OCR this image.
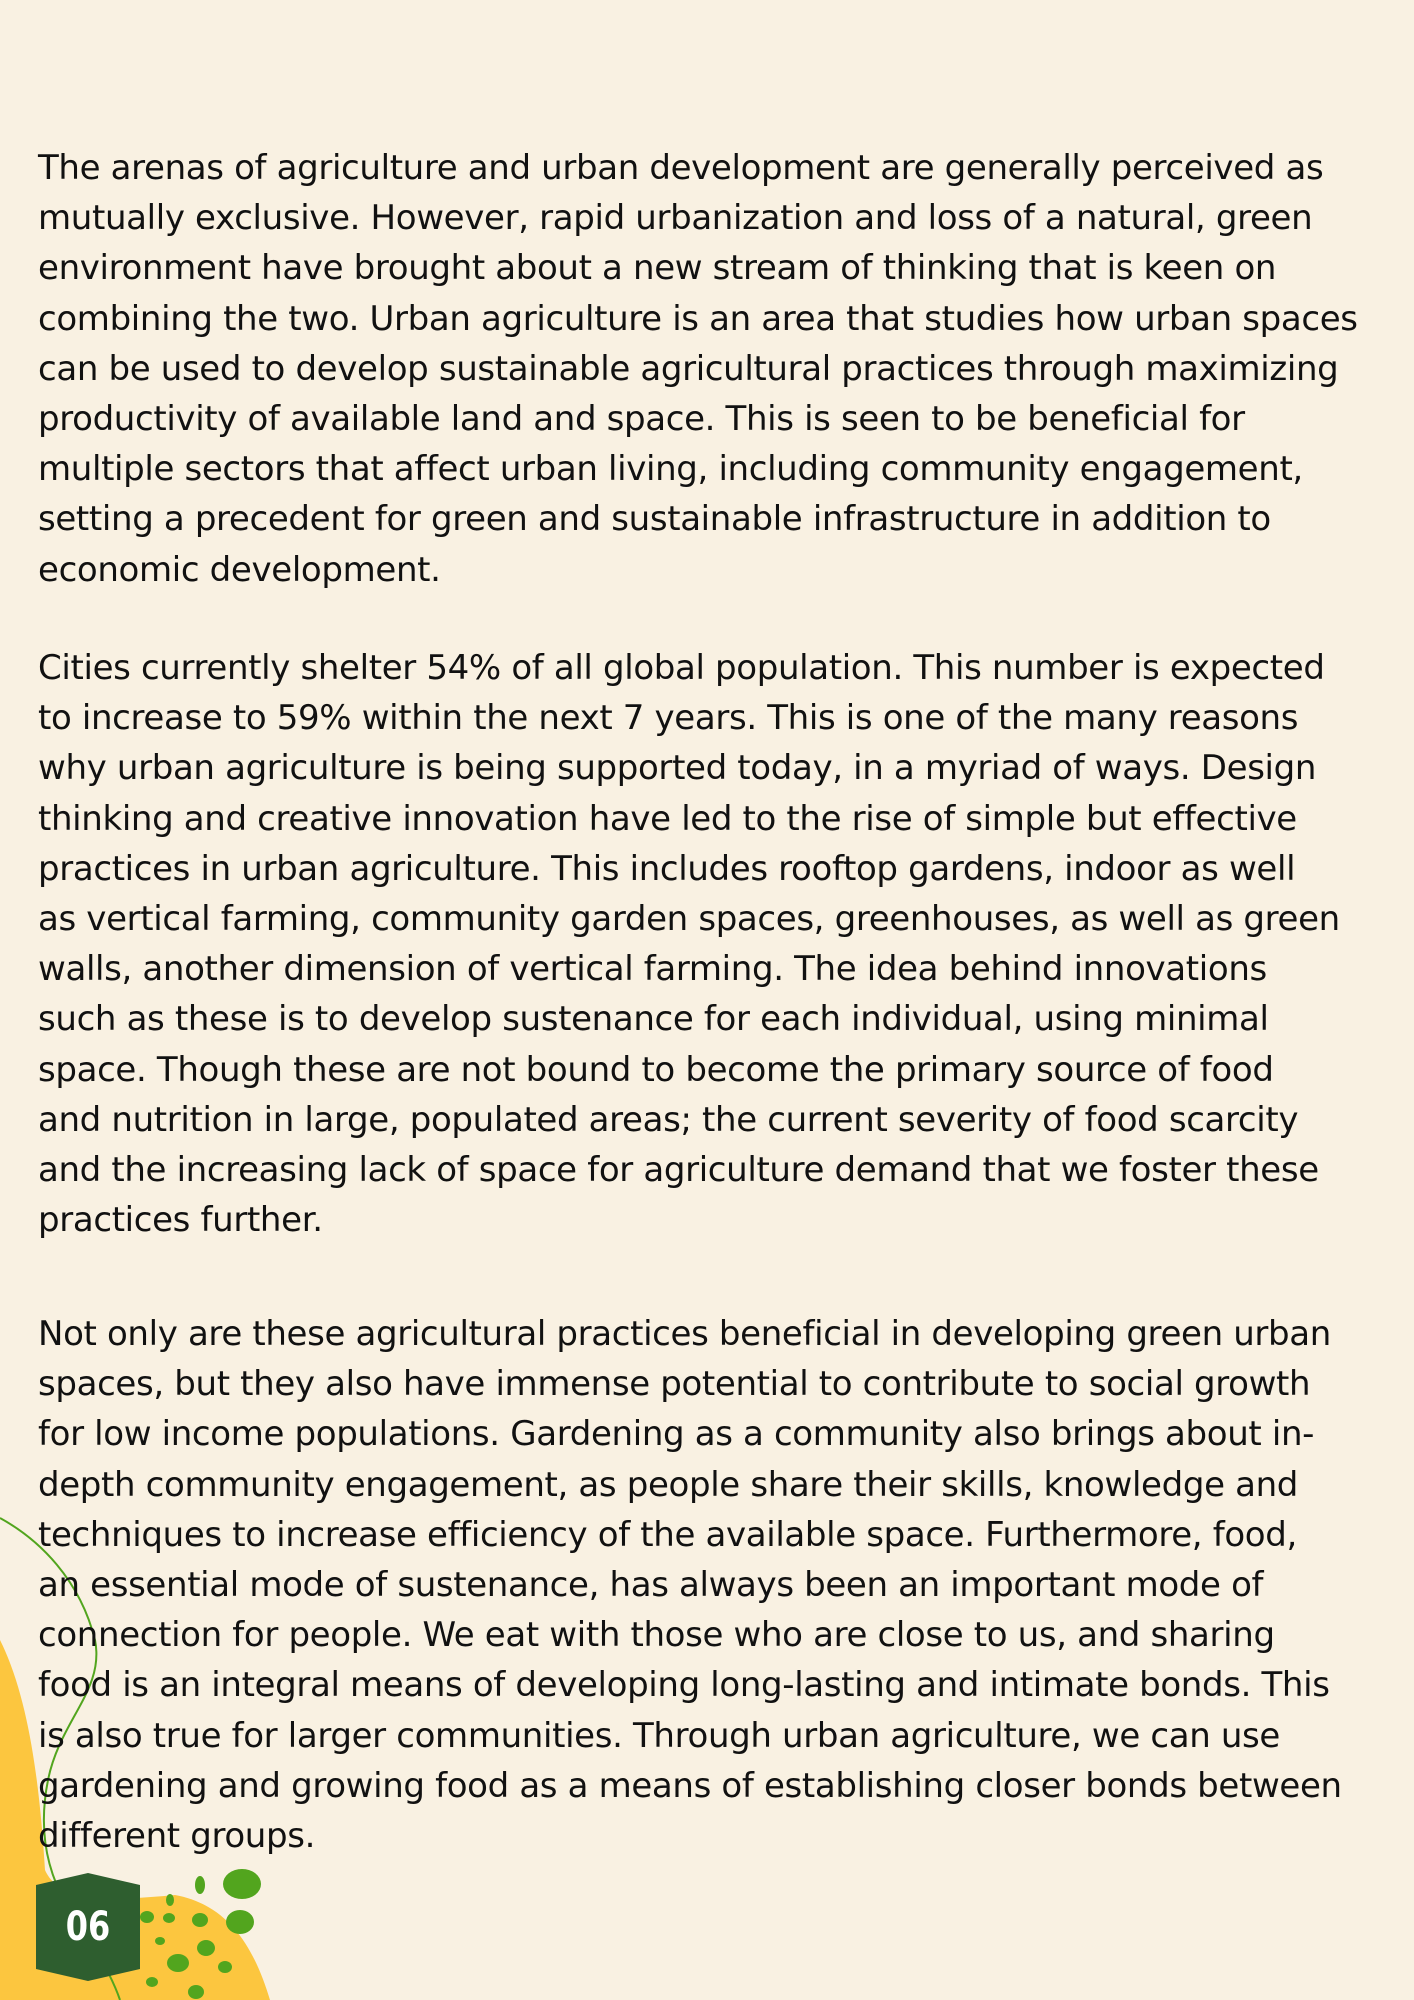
The arenas of agriculture and urban development are generally perceived as
mutually exclusive. However, rapid urbanization and loss of a natural, green
environment have brought about a new stream of thinking that is keen on
combining the two. Urban agriculture is an area that studies how urban spaces
can be used to develop sustainable agricultural practices through maximizing
productivity of available land and space. This is seen to be beneficial for
multiple sectors that affect urban living, including community engagement,
setting a precedent for green and sustainable infrastructure in addition to
economic development.

Cities currently shelter 54% of all global population. This number is expected
to increase to 59% within the next 7 years. This is one of the many reasons
why urban agriculture is being supported today, in a myriad of ways. Design
thinking and creative innovation have led to the rise of simple but effective
practices in urban agriculture. This includes rooftop gardens, indoor as well
as vertical farming, community garden spaces, greenhouses, as well as green
walls, another dimension of vertical farming. The idea behind innovations
such as these is to develop sustenance for each individual, using minimal
space. Though these are not bound to become the primary source of food
and nutrition in large, populated areas; the current severity of food scarcity
and the increasing lack of space for agriculture demand that we foster these
practices further.

Not only are these agricultural practices beneficial in developing green urban
spaces, but they also have immense potential to contribute to social growth
for low income populations. Gardening as a community also brings about in-
depth community engagement, as people share their skills, knowledge and
techniques to increase efficiency of the available space. Furthermore, food,
an essential mode of sustenance, has always been an important mode of
connection for people. We eat with those who are close to us, and sharing
food is an integral means of developing long-lasting and intimate bonds. This
is also true for larger communities. Through urban agriculture, we can use
gardening and growing food as a means of establishing closer bonds between
different groups.

06
